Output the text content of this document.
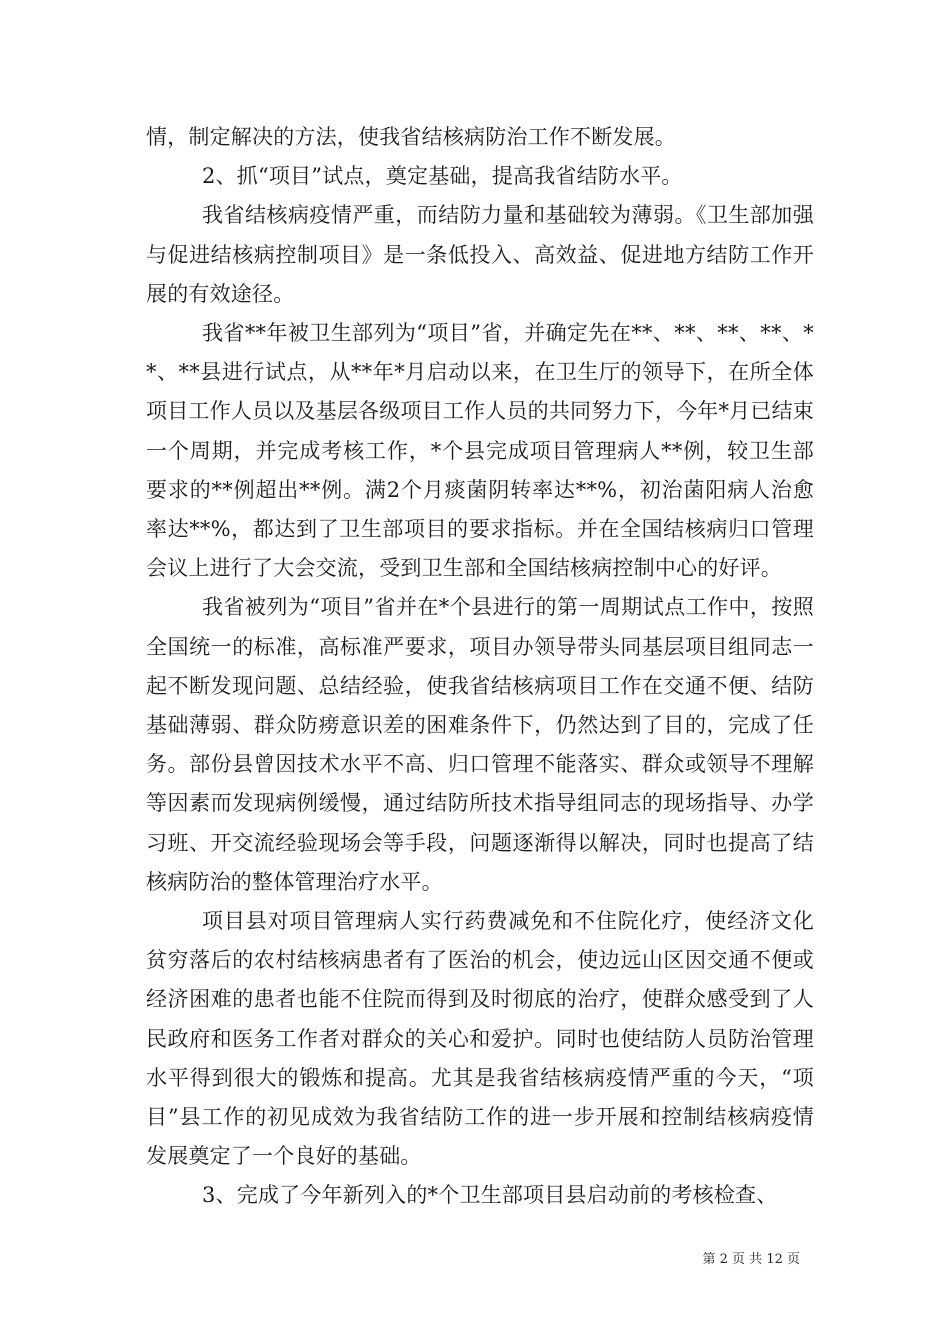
情，制定解决的方法，使我省结核病防治工作不断发展。

2、抓“项目”试点，奠定基础，提高我省结防水平。

我省结核病疫情严重，而结防力量和基础较为薄弱。《卫生部加强与促进结核病控制项目》是一条低投入、高效益、促进地方结防工作开展的有效途径。

我省**年被卫生部列为“项目”省，并确定先在**、**、**、**、**、**县进行试点，从**年*月启动以来，在卫生厅的领导下，在所全体项目工作人员以及基层各级项目工作人员的共同努力下，今年*月已结束一个周期，并完成考核工作，*个县完成项目管理病人**例，较卫生部要求的**例超出**例。满2个月痰菌阴转率达**%，初治菌阳病人治愈率达**%，都达到了卫生部项目的要求指标。并在全国结核病归口管理会议上进行了大会交流，受到卫生部和全国结核病控制中心的好评。

我省被列为“项目”省并在*个县进行的第一周期试点工作中，按照全国统一的标准，高标准严要求，项目办领导带头同基层项目组同志一起不断发现问题、总结经验，使我省结核病项目工作在交通不便、结防基础薄弱、群众防痨意识差的困难条件下，仍然达到了目的，完成了任务。部份县曾因技术水平不高、归口管理不能落实、群众或领导不理解等因素而发现病例缓慢，通过结防所技术指导组同志的现场指导、办学习班、开交流经验现场会等手段，问题逐渐得以解决，同时也提高了结核病防治的整体管理治疗水平。

项目县对项目管理病人实行药费减免和不住院化疗，使经济文化贫穷落后的农村结核病患者有了医治的机会，使边远山区因交通不便或经济困难的患者也能不住院而得到及时彻底的治疗，使群众感受到了人民政府和医务工作者对群众的关心和爱护。同时也使结防人员防治管理水平得到很大的锻炼和提高。尤其是我省结核病疫情严重的今天，“项目”县工作的初见成效为我省结防工作的进一步开展和控制结核病疫情发展奠定了一个良好的基础。

3、完成了今年新列入的*个卫生部项目县启动前的考核检查、

第 2 页 共 12 页
